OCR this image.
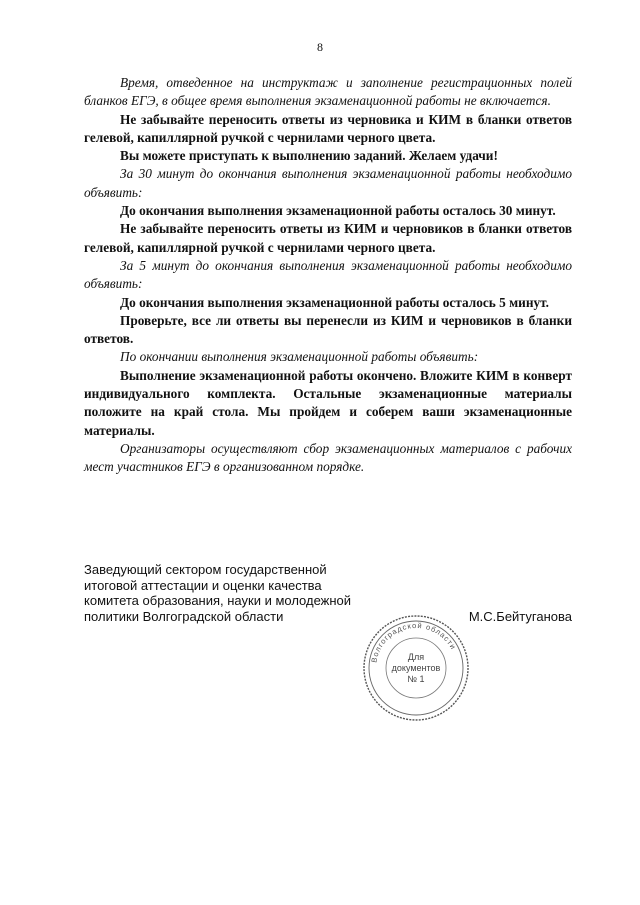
8

Время, отведенное на инструктаж и заполнение регистрационных полей бланков ЕГЭ, в общее время выполнения экзаменационной работы не включается.

Не забывайте переносить ответы из черновика и КИМ в бланки ответов гелевой, капиллярной ручкой с чернилами черного цвета.

Вы можете приступать к выполнению заданий. Желаем удачи!

За 30 минут до окончания выполнения экзаменационной работы необходимо объявить:

До окончания выполнения экзаменационной работы осталось 30 минут.

Не забывайте переносить ответы из КИМ и черновиков в бланки ответов гелевой, капиллярной ручкой с чернилами черного цвета.

За 5 минут до окончания выполнения экзаменационной работы необходимо объявить:

До окончания выполнения экзаменационной работы осталось 5 минут.

Проверьте, все ли ответы вы перенесли из КИМ и черновиков в бланки ответов.

По окончании выполнения экзаменационной работы объявить:

Выполнение экзаменационной работы окончено. Вложите КИМ в конверт индивидуального комплекта. Остальные экзаменационные материалы положите на край стола. Мы пройдем и соберем ваши экзаменационные материалы.

Организаторы осуществляют сбор экзаменационных материалов с рабочих мест участников ЕГЭ в организованном порядке.

Заведующий сектором государственной
итоговой аттестации и оценки качества
комитета образования, науки и молодежной
политики Волгоградской области	М.С.Бейтуганова
Волгоградской области
Для
документов
№ 1
